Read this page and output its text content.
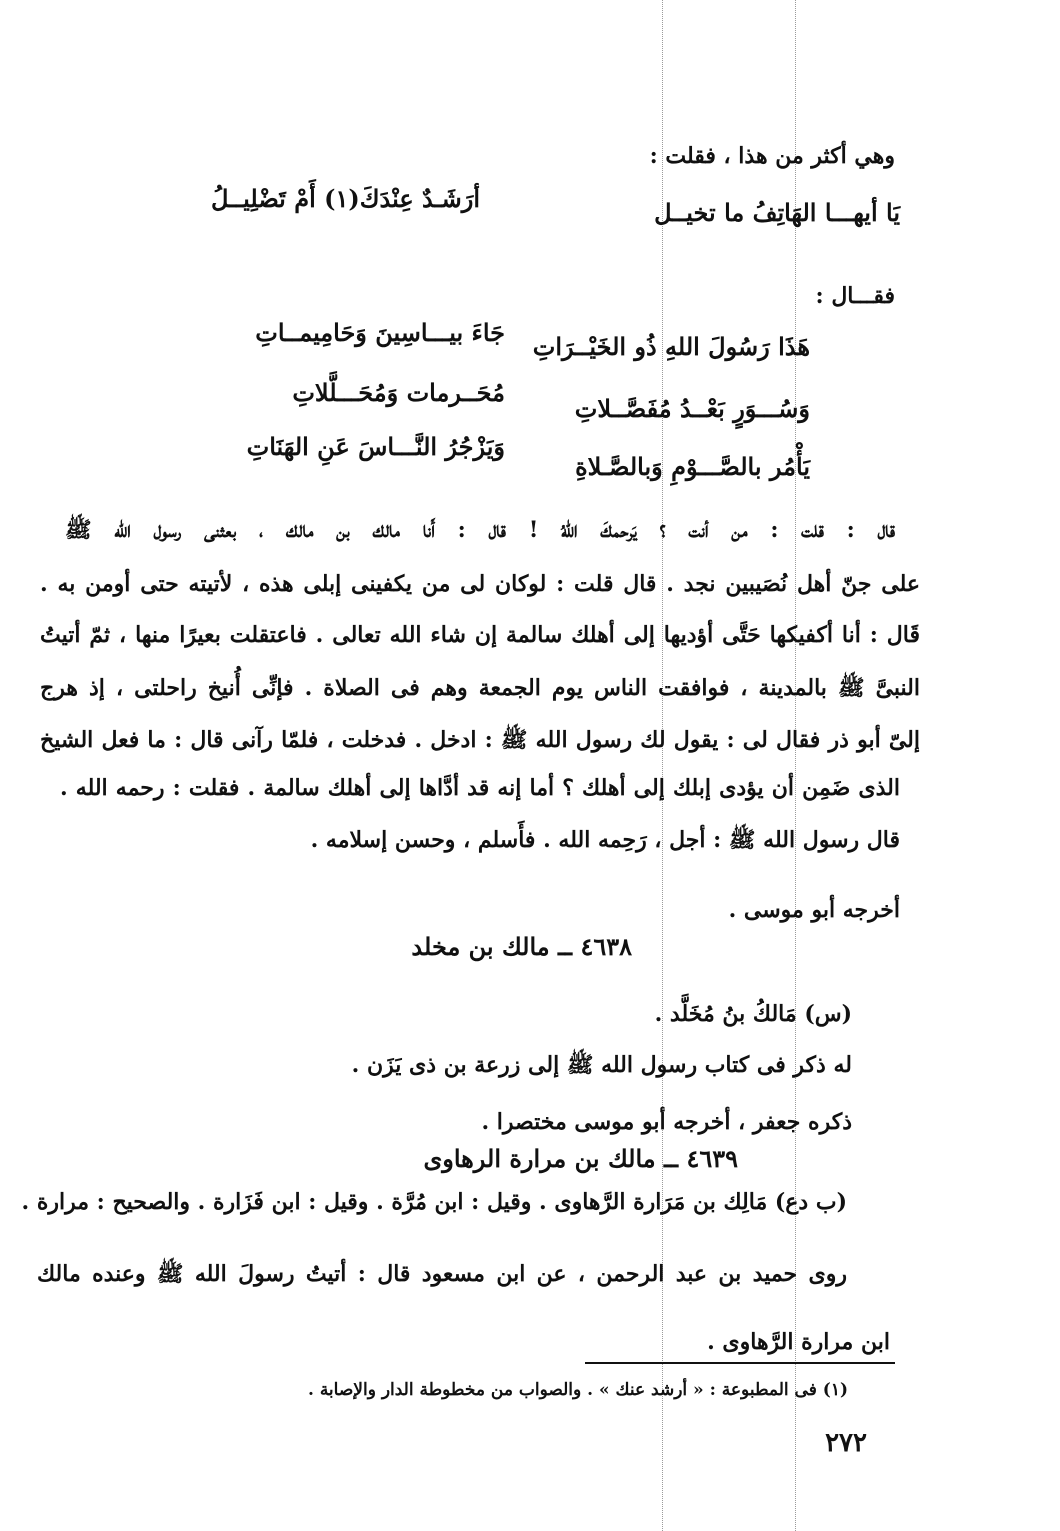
وهي أكثر من هذا ، فقلت :
يَا أيهـــا الهَاتِفُ ما تخيــل
أرَشَـدٌ عِنْدَكَ(١) أَمْ تَضْلِيــلُ
فقـــال :
هَذَا رَسُولَ اللهِ ذُو الخَيْــرَاتِ
جَاءَ بيـــاسِينَ وَحَامِيمــاتِ
وَسُـــوَرٍ بَعْــدُ مُفَصَّــلاتِ
مُحَــرمات وَمُحَـــلَّلاتِ
يَأْمُر بالصَّـــوْمِ وَبالصَّـلاةِ
وَيَزْجُرُ النَّـــاسَ عَنِ الهَنَاتِ
قال : قلت : من أنت ؟ يَرحمكَ اللهُ ! قال : أَنا مالك بن مالك ، بعثنى رسول الله ﷺ
على جنّ أهل نُصَيبين نجد . قال قلت : لوكان لى من يكفينى إبلى هذه ، لأتيته حتى أومن به .
قَال : أنا أكفيكها حَتَّى أؤديها إلى أهلك سالمة إن شاء الله تعالى . فاعتقلت بعيرًا منها ، ثمّ أتيتُ
النبىَّ ﷺ بالمدينة ، فوافقت الناس يوم الجمعة وهم فى الصلاة . فإنِّى أُنيخ راحلتى ، إذ هرج
إلىّ أبو ذر فقال لى : يقول لك رسول الله ﷺ : ادخل . فدخلت ، فلمّا رآنى قال : ما فعل الشيخ
الذى ضَمِن أن يؤدى إبلك إلى أهلك ؟ أما إنه قد أدَّاها إلى أهلك سالمة . فقلت : رحمه الله .
قال رسول الله ﷺ : أجل ، رَحِمه الله . فأَسلم ، وحسن إسلامه .
أخرجه أبو موسى .
٤٦٣٨ ــ مالك بن مخلد
(س) مَالكُ بنُ مُخَلَّد .
له ذكر فى كتاب رسول الله ﷺ إلى زرعة بن ذى يَزَن .
ذكره جعفر ، أخرجه أبو موسى مختصرا .
٤٦٣٩ ــ مالك بن مرارة الرهاوى
(ب دع) مَالِك بن مَرَارة الرَّهاوى . وقيل : ابن مُرَّة . وقيل : ابن فَزَارة . والصحيح : مرارة .
روى حميد بن عبد الرحمن ، عن ابن مسعود قال : أتيتُ رسولَ الله ﷺ وعنده مالك
ابن مرارة الرَّهاوى .
(١) فى المطبوعة : « أرشد عنك » . والصواب من مخطوطة الدار والإصابة .
٢٧٢
